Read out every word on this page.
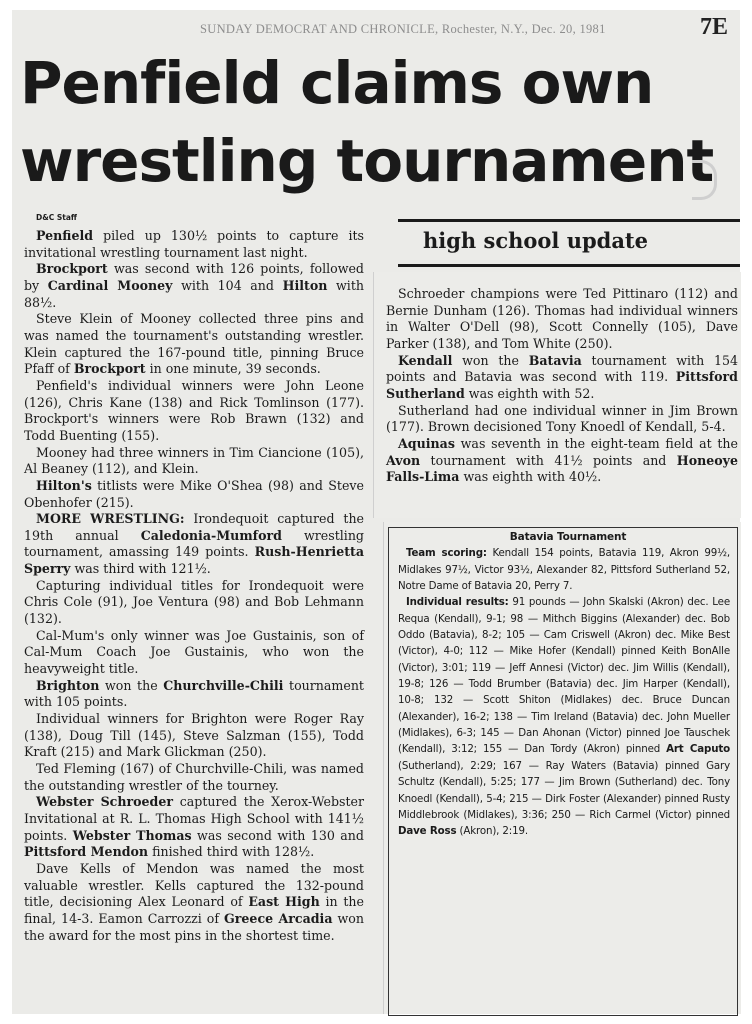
SUNDAY DEMOCRAT AND CHRONICLE, Rochester, N.Y., Dec. 20, 1981	7E
Penfield claims own wrestling tournament
D&C Staff
high school update

Penfield piled up 130½ points to capture its invitational wrestling tournament last night.

Brockport was second with 126 points, followed by Cardinal Mooney with 104 and Hilton with 88½.

Steve Klein of Mooney collected three pins and was named the tournament's outstanding wrestler. Klein captured the 167-pound title, pinning Bruce Pfaff of Brockport in one minute, 39 seconds.

Penfield's individual winners were John Leone (126), Chris Kane (138) and Rick Tomlinson (177). Brockport's winners were Rob Brawn (132) and Todd Buenting (155).

Mooney had three winners in Tim Ciancione (105), Al Beaney (112), and Klein.

Hilton's titlists were Mike O'Shea (98) and Steve Obenhofer (215).

MORE WRESTLING: Irondequoit captured the 19th annual Caledonia-Mumford wrestling tournament, amassing 149 points. Rush-Henrietta Sperry was third with 121½.

Capturing individual titles for Irondequoit were Chris Cole (91), Joe Ventura (98) and Bob Lehmann (132).

Cal-Mum's only winner was Joe Gustainis, son of Cal-Mum Coach Joe Gustainis, who won the heavyweight title.

Brighton won the Churchville-Chili tournament with 105 points.

Individual winners for Brighton were Roger Ray (138), Doug Till (145), Steve Salzman (155), Todd Kraft (215) and Mark Glickman (250).

Ted Fleming (167) of Churchville-Chili, was named the outstanding wrestler of the tourney.

Webster Schroeder captured the Xerox-Webster Invitational at R. L. Thomas High School with 141½ points. Webster Thomas was second with 130 and Pittsford Mendon finished third with 128½.

Dave Kells of Mendon was named the most valuable wrestler. Kells captured the 132-pound title, decisioning Alex Leonard of East High in the final, 14-3. Eamon Carrozzi of Greece Arcadia won the award for the most pins in the shortest time.

Schroeder champions were Ted Pittinaro (112) and Bernie Dunham (126). Thomas had individual winners in Walter O'Dell (98), Scott Connelly (105), Dave Parker (138), and Tom White (250).

Kendall won the Batavia tournament with 154 points and Batavia was second with 119. Pittsford Sutherland was eighth with 52.

Sutherland had one individual winner in Jim Brown (177). Brown decisioned Tony Knoedl of Kendall, 5-4.

Aquinas was seventh in the eight-team field at the Avon tournament with 41½ points and Honeoye Falls-Lima was eighth with 40½.

Batavia Tournament

Team scoring: Kendall 154 points, Batavia 119, Akron 99½, Midlakes 97½, Victor 93½, Alexander 82, Pittsford Sutherland 52, Notre Dame of Batavia 20, Perry 7.

Individual results: 91 pounds — John Skalski (Akron) dec. Lee Requa (Kendall), 9-1; 98 — Mithch Biggins (Alexander) dec. Bob Oddo (Batavia), 8-2; 105 — Cam Criswell (Akron) dec. Mike Best (Victor), 4-0; 112 — Mike Hofer (Kendall) pinned Keith BonAlle (Victor), 3:01; 119 — Jeff Annesi (Victor) dec. Jim Willis (Kendall), 19-8; 126 — Todd Brumber (Batavia) dec. Jim Harper (Kendall), 10-8; 132 — Scott Shiton (Midlakes) dec. Bruce Duncan (Alexander), 16-2; 138 — Tim Ireland (Batavia) dec. John Mueller (Midlakes), 6-3; 145 — Dan Ahonan (Victor) pinned Joe Tauschek (Kendall), 3:12; 155 — Dan Tordy (Akron) pinned Art Caputo (Sutherland), 2:29; 167 — Ray Waters (Batavia) pinned Gary Schultz (Kendall), 5:25; 177 — Jim Brown (Sutherland) dec. Tony Knoedl (Kendall), 5-4; 215 — Dirk Foster (Alexander) pinned Rusty Middlebrook (Midlakes), 3:36; 250 — Rich Carmel (Victor) pinned Dave Ross (Akron), 2:19.
